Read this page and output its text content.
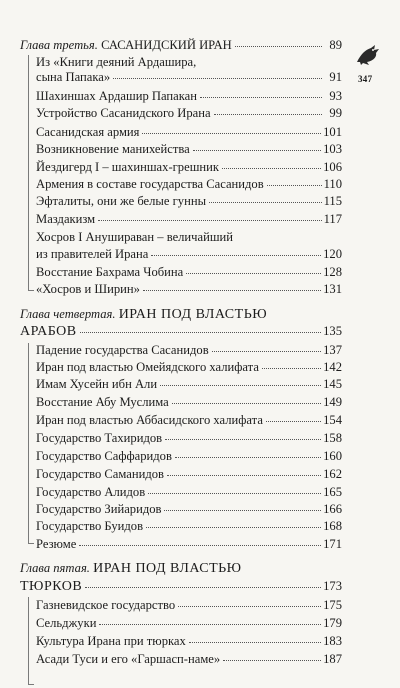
347
Глава третья. САСАНИДСКИЙ ИРАН	89
Из «Книги деяний Ардашира,
сына Папака»	91
Шахиншах Ардашир Папакан	93
Устройство Сасанидского Ирана	99
Сасанидская армия	101
Возникновение манихейства	103
Йездигерд I – шахиншах-грешник	106
Армения в составе государства Сасанидов	110
Эфталиты, они же белые гунны	115
Маздакизм	117
Хосров I Анушираван – величайший
из правителей Ирана	120
Восстание Бахрама Чобина	128
«Хосров и Ширин»	131
Глава четвертая. ИРАН ПОД ВЛАСТЬЮ
АРАБОВ	135
Падение государства Сасанидов	137
Иран под властью Омейядского халифата	142
Имам Хусейн ибн Али	145
Восстание Абу Муслима	149
Иран под властью Аббасидского халифата	154
Государство Тахиридов	158
Государство Саффаридов	160
Государство Саманидов	162
Государство Алидов	165
Государство Зийаридов	166
Государство Буидов	168
Резюме	171
Глава пятая. ИРАН ПОД ВЛАСТЬЮ
ТЮРКОВ	173
Газневидское государство	175
Сельджуки	179
Культура Ирана при тюрках	183
Асади Туси и его «Гаршасп-наме»	187
